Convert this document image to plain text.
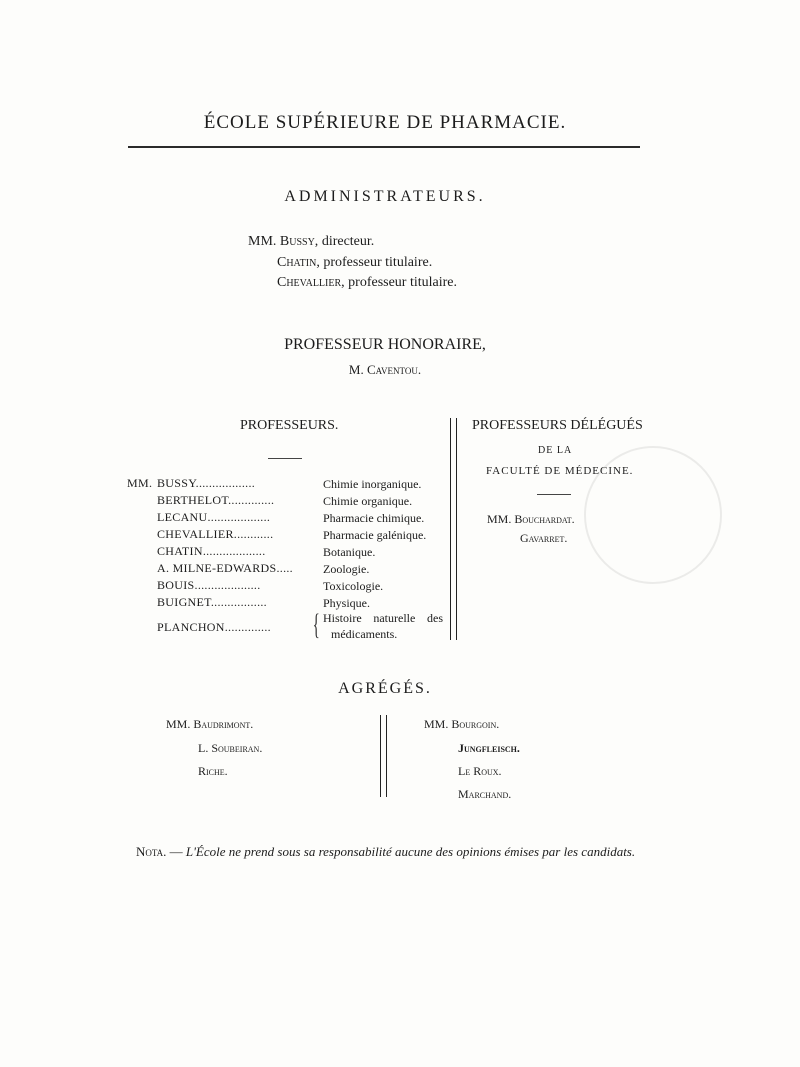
ÉCOLE SUPÉRIEURE DE PHARMACIE.
ADMINISTRATEURS.
MM. Bussy, directeur.
Chatin, professeur titulaire.
Chevallier, professeur titulaire.
PROFESSEUR HONORAIRE,
M. Caventou.
PROFESSEURS.
MM. BUSSY..................	Chimie inorganique.
BERTHELOT..............	Chimie organique.
LECANU...................	Pharmacie chimique.
CHEVALLIER............	Pharmacie galénique.
CHATIN...................	Botanique.
A. MILNE-EDWARDS.....	Zoologie.
BOUIS....................	Toxicologie.
BUIGNET.................	Physique.
PLANCHON.............. { Histoire naturelle des
médicaments.
PROFESSEURS DÉLÉGUÉS
DE LA
FACULTÉ DE MÉDECINE.
MM. Bouchardat.
Gavarret.
AGRÉGÉS.
MM. Baudrimont.
L. Soubeiran.
Riche.
MM. Bourgoin.
Jungfleisch.
Le Roux.
Marchand.
Nota. — L'École ne prend sous sa responsabilité aucune des opinions émises par les candidats.
